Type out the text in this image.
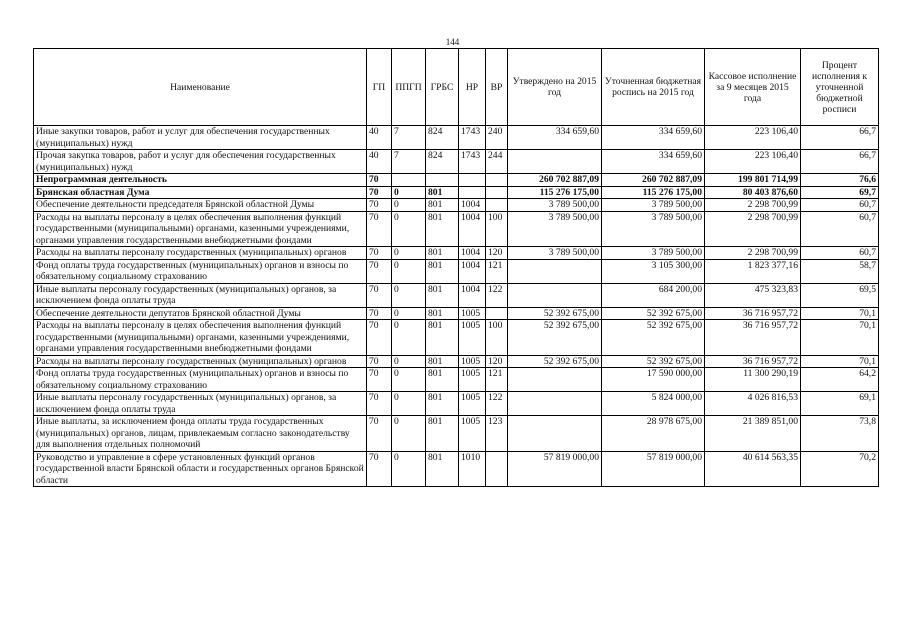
144
Наименование	ГП	ППГП	ГРБС	НР	ВР	Утверждено на 2015 год	Уточненная бюджетная роспись на 2015 год	Кассовое исполнение за 9 месяцев 2015 года	Процент исполнения к уточненной бюджетной росписи
Иные закупки товаров, работ и услуг для обеспечения государственных (муниципальных) нужд	40	7	824	1743	240	334 659,60	334 659,60	223 106,40	66,7
Прочая закупка товаров, работ и услуг для обеспечения государственных (муниципальных) нужд	40	7	824	1743	244		334 659,60	223 106,40	66,7
Непрограммная деятельность	70					260 702 887,09	260 702 887,09	199 801 714,99	76,6
Брянская областная Дума	70	0	801			115 276 175,00	115 276 175,00	80 403 876,60	69,7
Обеспечение деятельности председателя Брянской областной Думы	70	0	801	1004		3 789 500,00	3 789 500,00	2 298 700,99	60,7
Расходы на выплаты персоналу в целях обеспечения выполнения функций государственными (муниципальными) органами, казенными учреждениями, органами управления государственными внебюджетными фондами	70	0	801	1004	100	3 789 500,00	3 789 500,00	2 298 700,99	60,7
Расходы на выплаты персоналу государственных (муниципальных) органов	70	0	801	1004	120	3 789 500,00	3 789 500,00	2 298 700,99	60,7
Фонд оплаты труда государственных (муниципальных) органов и взносы по обязательному социальному страхованию	70	0	801	1004	121		3 105 300,00	1 823 377,16	58,7
Иные выплаты персоналу государственных (муниципальных) органов, за исключением фонда оплаты труда	70	0	801	1004	122		684 200,00	475 323,83	69,5
Обеспечение деятельности депутатов Брянской областной Думы	70	0	801	1005		52 392 675,00	52 392 675,00	36 716 957,72	70,1
Расходы на выплаты персоналу в целях обеспечения выполнения функций государственными (муниципальными) органами, казенными учреждениями, органами управления государственными внебюджетными фондами	70	0	801	1005	100	52 392 675,00	52 392 675,00	36 716 957,72	70,1
Расходы на выплаты персоналу государственных (муниципальных) органов	70	0	801	1005	120	52 392 675,00	52 392 675,00	36 716 957,72	70,1
Фонд оплаты труда государственных (муниципальных) органов и взносы по обязательному социальному страхованию	70	0	801	1005	121		17 590 000,00	11 300 290,19	64,2
Иные выплаты персоналу государственных (муниципальных) органов, за исключением фонда оплаты труда	70	0	801	1005	122		5 824 000,00	4 026 816,53	69,1
Иные выплаты, за исключением фонда оплаты труда государственных (муниципальных) органов, лицам, привлекаемым согласно законодательству для выполнения отдельных полномочий	70	0	801	1005	123		28 978 675,00	21 389 851,00	73,8
Руководство и управление в сфере установленных функций органов государственной власти Брянской области и государственных органов Брянской области	70	0	801	1010		57 819 000,00	57 819 000,00	40 614 563,35	70,2
